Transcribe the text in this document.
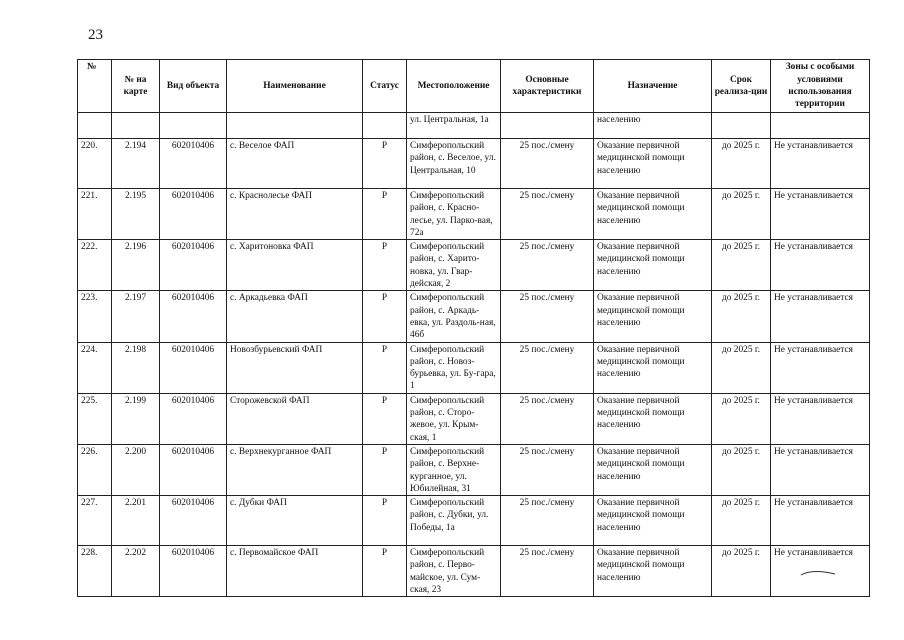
23
№	№ на карте	Вид объекта	Наименование	Статус	Местоположение	Основные характеристики	Назначение	Срок реализа-ции	Зоны с особыми условиями использования территории
					ул. Центральная, 1а		населению		
220.	2.194	602010406	с. Веселое ФАП	Р	Симферопольский район, с. Веселое, ул. Центральная, 10	25 пос./смену	Оказание первичной медицинской помощи населению	до 2025 г.	Не устанавливается
221.	2.195	602010406	с. Краснолесье ФАП	Р	Симферопольский район, с. Красно-лесье, ул. Парко-вая, 72а	25 пос./смену	Оказание первичной медицинской помощи населению	до 2025 г.	Не устанавливается
222.	2.196	602010406	с. Харитоновка ФАП	Р	Симферопольский район, с. Харито-новка, ул. Гвар-дейская, 2	25 пос./смену	Оказание первичной медицинской помощи населению	до 2025 г.	Не устанавливается
223.	2.197	602010406	с. Аркадьевка ФАП	Р	Симферопольский район, с. Аркадь-евка, ул. Раздоль-ная, 46б	25 пос./смену	Оказание первичной медицинской помощи населению	до 2025 г.	Не устанавливается
224.	2.198	602010406	Новозбурьевский ФАП	Р	Симферопольский район, с. Новоз-бурьевка, ул. Бу-гара, 1	25 пос./смену	Оказание первичной медицинской помощи населению	до 2025 г.	Не устанавливается
225.	2.199	602010406	Сторожевской ФАП	Р	Симферопольский район, с. Сторо-жевое, ул. Крым-ская, 1	25 пос./смену	Оказание первичной медицинской помощи населению	до 2025 г.	Не устанавливается
226.	2.200	602010406	с. Верхнекурганное ФАП	Р	Симферопольский район, с. Верхне-курганное, ул. Юбилейная, 31	25 пос./смену	Оказание первичной медицинской помощи населению	до 2025 г.	Не устанавливается
227.	2.201	602010406	с. Дубки ФАП	Р	Симферопольский район, с. Дубки, ул. Победы, 1а	25 пос./смену	Оказание первичной медицинской помощи населению	до 2025 г.	Не устанавливается
228.	2.202	602010406	с. Первомайское ФАП	Р	Симферопольский район, с. Перво-майское, ул. Сум-ская, 23	25 пос./смену	Оказание первичной медицинской помощи населению	до 2025 г.	Не устанавливается
